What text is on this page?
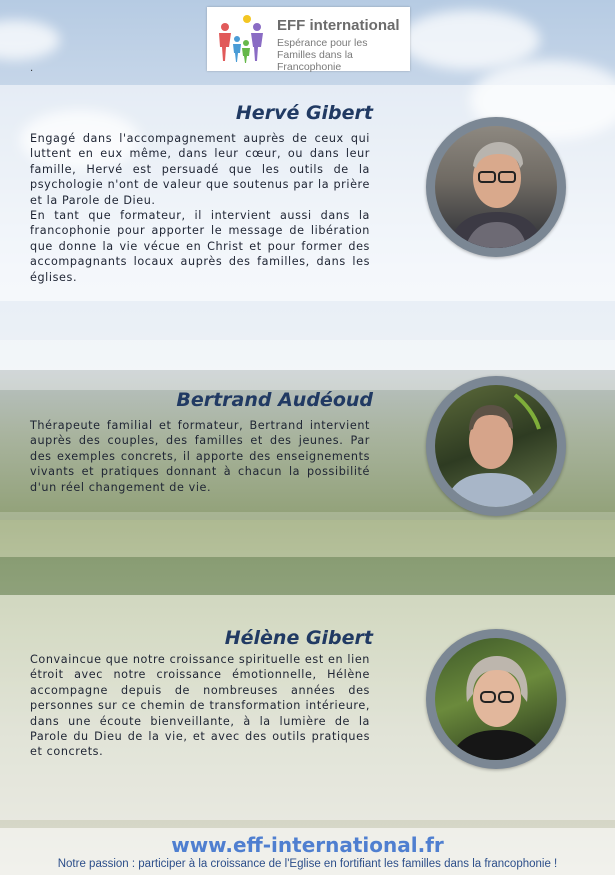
EFF international
Espérance pour les Familles dans la Francophonie
.
Hervé Gibert
Engagé dans l'accompagnement auprès de ceux qui luttent en eux même, dans leur cœur, ou dans leur famille, Hervé est persuadé que les outils de la psychologie n'ont de valeur que soutenus par la prière et la Parole de Dieu.
En tant que formateur, il intervient aussi dans la francophonie pour apporter le message de libération que donne la vie vécue en Christ et pour former des accompagnants locaux auprès des familles, dans les églises.
Bertrand Audéoud
Thérapeute familial et formateur, Bertrand intervient auprès des couples, des familles et des jeunes. Par des exemples concrets, il apporte des enseignements vivants et pratiques donnant à chacun la possibilité d'un réel changement de vie.
Hélène Gibert
Convaincue que notre croissance spirituelle est en lien étroit avec notre croissance émotionnelle, Hélène accompagne depuis de nombreuses années des personnes sur ce chemin de transformation intérieure, dans une écoute bienveillante, à la lumière de la Parole du Dieu de la vie, et avec des outils pratiques et concrets.
www.eff-international.fr
Notre passion : participer à la croissance de l'Eglise en fortifiant les familles dans la francophonie !
